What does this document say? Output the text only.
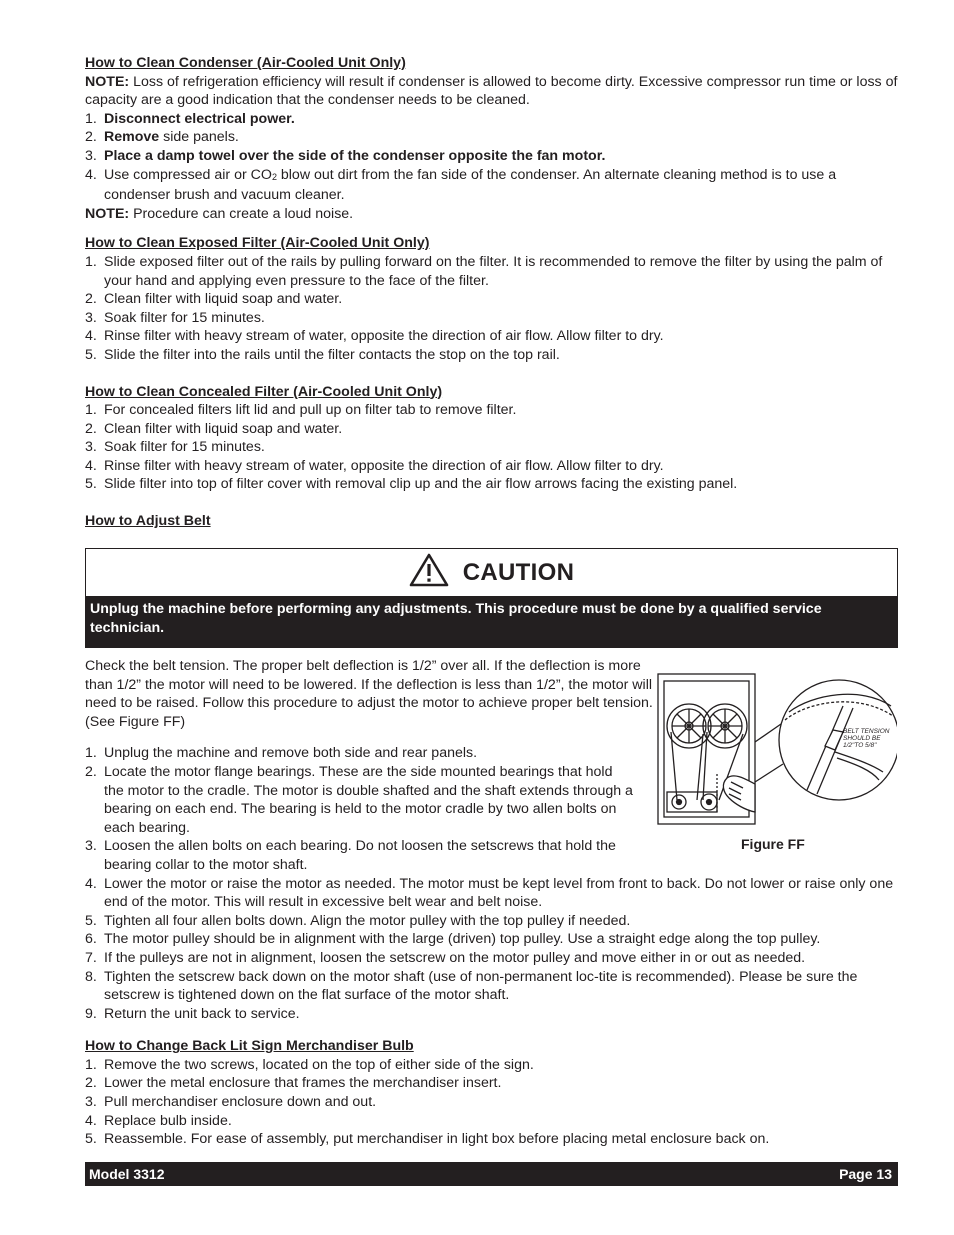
How to Clean Condenser (Air-Cooled Unit Only)

NOTE: Loss of refrigeration efficiency will result if condenser is allowed to become dirty. Excessive compressor run time or loss of capacity are a good indication that the condenser needs to be cleaned.

1. Disconnect electrical power.

2. Remove side panels.

3. Place a damp towel over the side of the condenser opposite the fan motor.

4. Use compressed air or $CO_2$ blow out dirt from the fan side of the condenser. An alternate cleaning method is to use a condenser brush and vacuum cleaner.

NOTE: Procedure can create a loud noise.

How to Clean Exposed Filter (Air-Cooled Unit Only)

1. Slide exposed filter out of the rails by pulling forward on the filter. It is recommended to remove the filter by using the palm of your hand and applying even pressure to the face of the filter.

2. Clean filter with liquid soap and water.

3. Soak filter for 15 minutes.

4. Rinse filter with heavy stream of water, opposite the direction of air flow. Allow filter to dry.

5. Slide the filter into the rails until the filter contacts the stop on the top rail.

How to Clean Concealed Filter (Air-Cooled Unit Only)

1. For concealed filters lift lid and pull up on filter tab to remove filter.

2. Clean filter with liquid soap and water.

3. Soak filter for 15 minutes.

4. Rinse filter with heavy stream of water, opposite the direction of air flow. Allow filter to dry.

5. Slide filter into top of filter cover with removal clip up and the air flow arrows facing the existing panel.

How to Adjust Belt

CAUTION
Unplug the machine before performing any adjustments. This procedure must be done by a qualified service technician.

Check the belt tension. The proper belt deflection is 1/2” over all. If the deflection is more than 1/2” the motor will need to be lowered. If the deflection is less than 1/2”, the motor will need to be raised. Follow this procedure to adjust the motor to achieve proper belt tension. (See Figure FF)

1. Unplug the machine and remove both side and rear panels.

2. Locate the motor flange bearings. These are the side mounted bearings that hold the motor to the cradle. The motor is double shafted and the shaft extends through a bearing on each end. The bearing is held to the motor cradle by two allen bolts on each bearing.

3. Loosen the allen bolts on each bearing. Do not loosen the setscrews that hold the bearing collar to the motor shaft.

4. Lower the motor or raise the motor as needed. The motor must be kept level from front to back. Do not lower or raise only one end of the motor. This will result in excessive belt wear and belt noise.

5. Tighten all four allen bolts down. Align the motor pulley with the top pulley if needed.

6. The motor pulley should be in alignment with the large (driven) top pulley. Use a straight edge along the top pulley.

7. If the pulleys are not in alignment, loosen the setscrew on the motor pulley and move either in or out as needed.

8. Tighten the setscrew back down on the motor shaft (use of non-permanent loc-tite is recommended). Please be sure the setscrew is tightened down on the flat surface of the motor shaft.

9. Return the unit back to service.

How to Change Back Lit Sign Merchandiser Bulb

1. Remove the two screws, located on the top of either side of the sign.

2. Lower the metal enclosure that frames the merchandiser insert.

3. Pull merchandiser enclosure down and out.

4. Replace bulb inside.

5. Reassemble. For ease of assembly, put merchandiser in light box before placing metal enclosure back on.

BELT TENSION
SHOULD BE
1/2"TO 5/8"
Figure FF
Model 3312	Page 13
